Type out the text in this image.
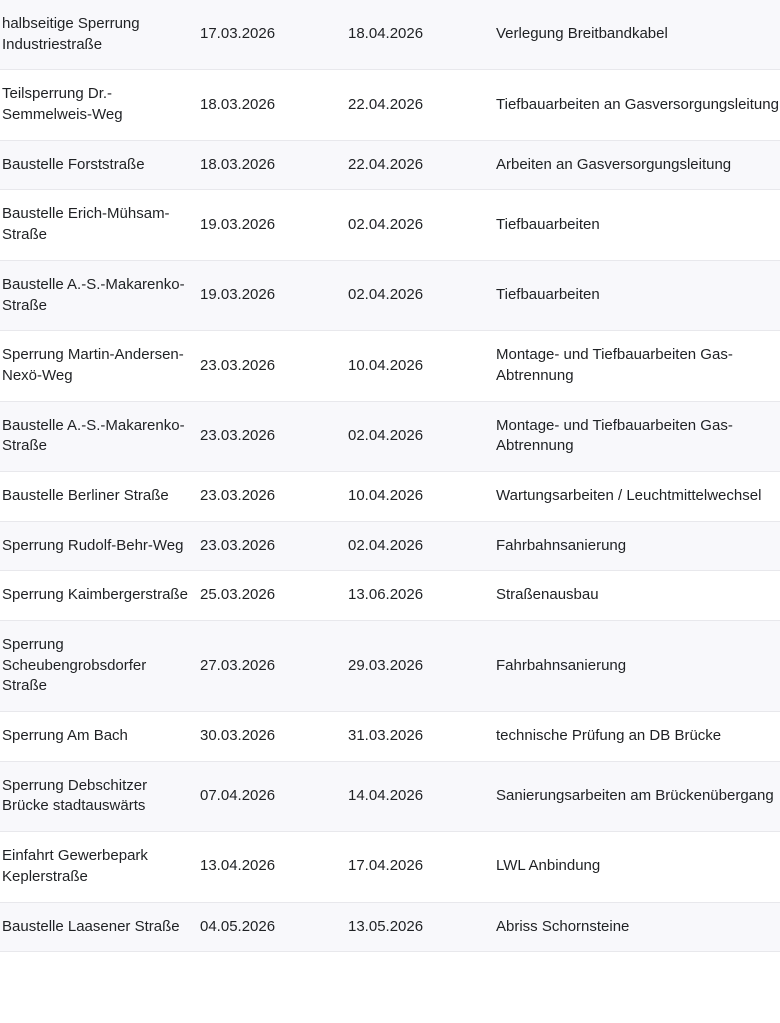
halbseitige Sperrung Industriestraße	17.03.2026	18.04.2026	Verlegung Breitbandkabel
Teilsperrung Dr.-Semmelweis-Weg	18.03.2026	22.04.2026	Tiefbauarbeiten an Gasversorgungsleitung
Baustelle Forststraße	18.03.2026	22.04.2026	Arbeiten an Gasversorgungsleitung
Baustelle Erich-Mühsam-Straße	19.03.2026	02.04.2026	Tiefbauarbeiten
Baustelle A.-S.-Makarenko-Straße	19.03.2026	02.04.2026	Tiefbauarbeiten
Sperrung Martin-Andersen-Nexö-Weg	23.03.2026	10.04.2026	Montage- und Tiefbauarbeiten Gas-Abtrennung
Baustelle A.-S.-Makarenko-Straße	23.03.2026	02.04.2026	Montage- und Tiefbauarbeiten Gas-Abtrennung
Baustelle Berliner Straße	23.03.2026	10.04.2026	Wartungsarbeiten / Leuchtmittelwechsel
Sperrung Rudolf-Behr-Weg	23.03.2026	02.04.2026	Fahrbahnsanierung
Sperrung Kaimbergerstraße	25.03.2026	13.06.2026	Straßenausbau
Sperrung Scheubengrobsdorfer Straße	27.03.2026	29.03.2026	Fahrbahnsanierung
Sperrung Am Bach	30.03.2026	31.03.2026	technische Prüfung an DB Brücke
Sperrung Debschitzer Brücke stadtauswärts	07.04.2026	14.04.2026	Sanierungsarbeiten am Brückenübergang
Einfahrt Gewerbepark Keplerstraße	13.04.2026	17.04.2026	LWL Anbindung
Baustelle Laasener Straße	04.05.2026	13.05.2026	Abriss Schornsteine
